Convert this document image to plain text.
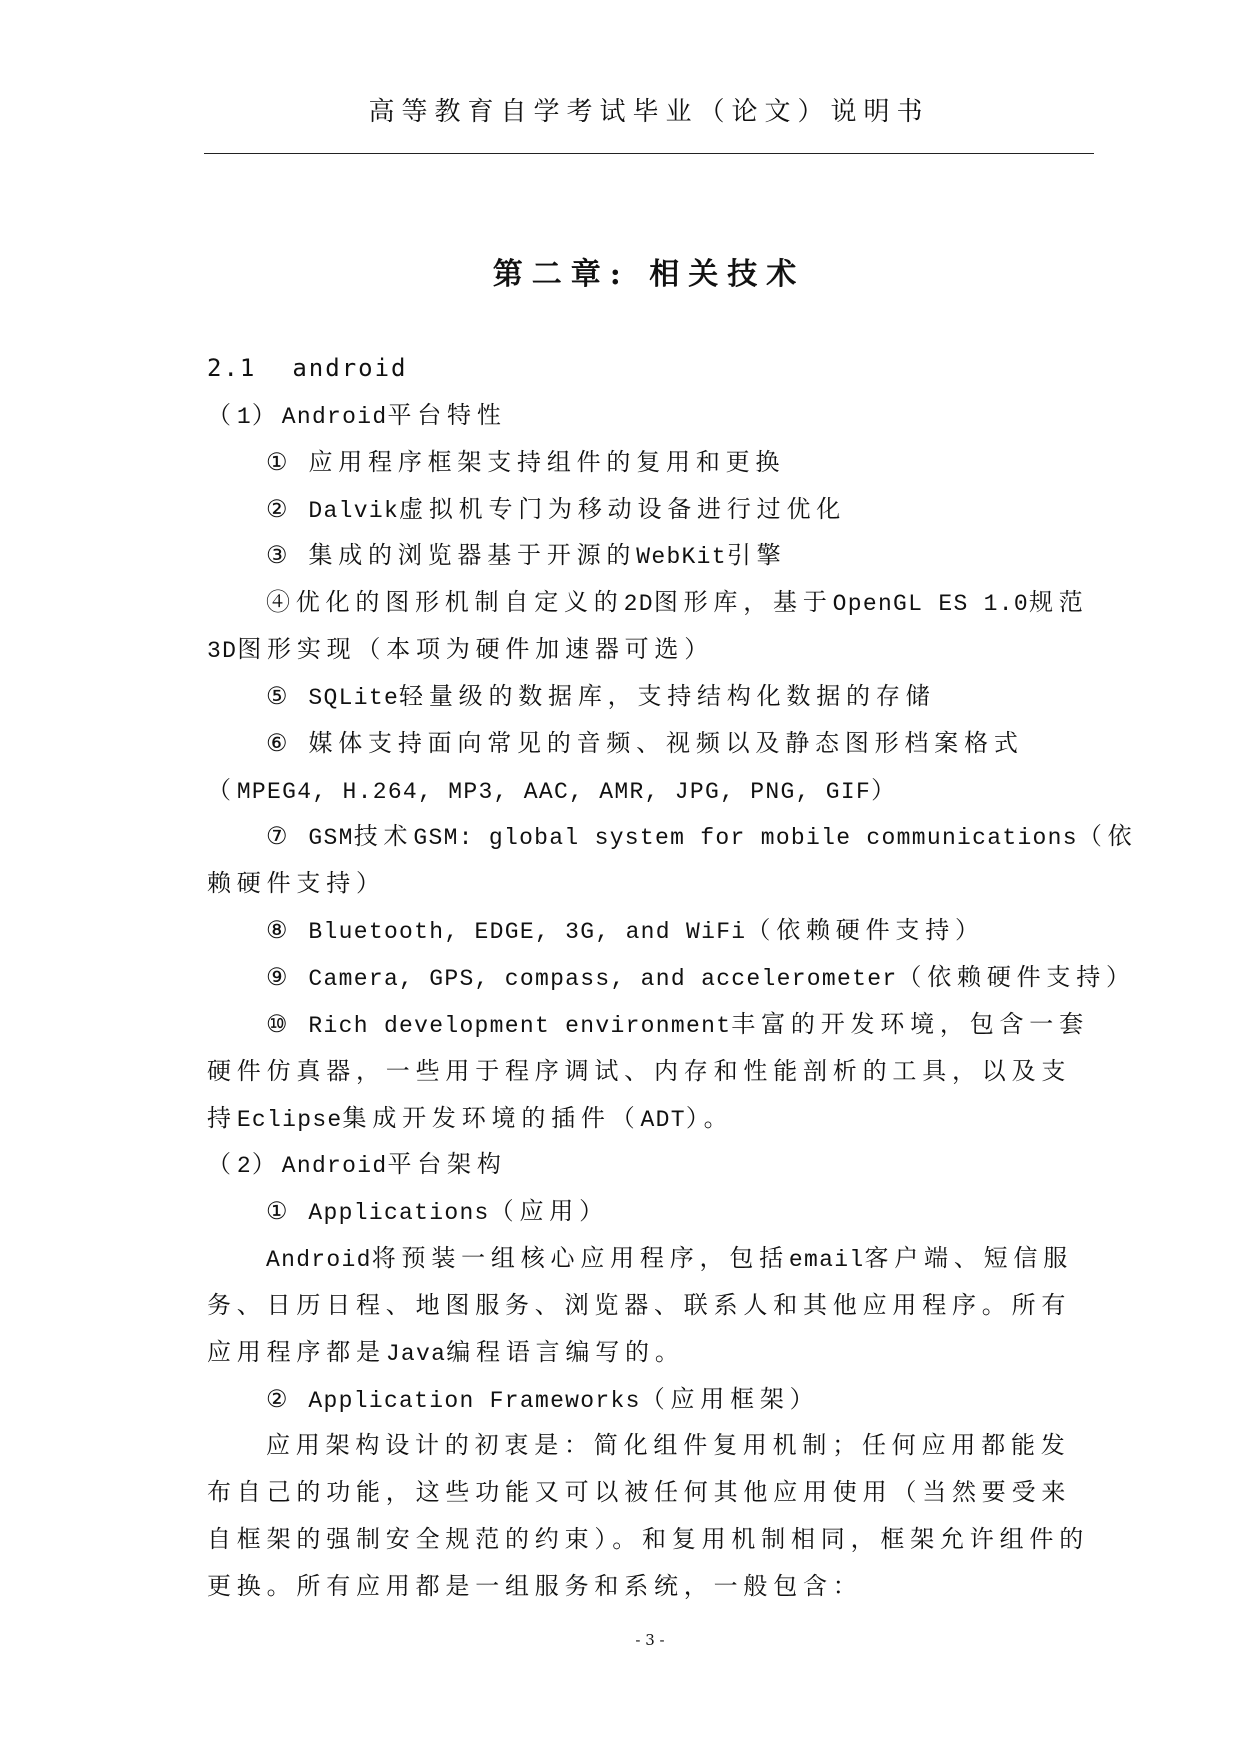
高等教育自学考试毕业（论文）说明书
第二章: 相关技术
2.1 android
（1）Android平台特性
① 应用程序框架支持组件的复用和更换
② Dalvik虚拟机专门为移动设备进行过优化
③ 集成的浏览器基于开源的WebKit引擎
④优化的图形机制自定义的2D图形库，基于OpenGL ES 1.0规范
3D图形实现（本项为硬件加速器可选）
⑤ SQLite轻量级的数据库，支持结构化数据的存储
⑥ 媒体支持面向常见的音频、视频以及静态图形档案格式
（MPEG4, H.264, MP3, AAC, AMR, JPG, PNG, GIF）
⑦ GSM技术GSM: global system for mobile communications（依
赖硬件支持）
⑧ Bluetooth, EDGE, 3G, and WiFi（依赖硬件支持）
⑨ Camera, GPS, compass, and accelerometer（依赖硬件支持）
⑩ Rich development environment丰富的开发环境，包含一套
硬件仿真器，一些用于程序调试、内存和性能剖析的工具，以及支
持Eclipse集成开发环境的插件（ADT）。
（2）Android平台架构
① Applications（应用）
Android将预装一组核心应用程序，包括email客户端、短信服
务、日历日程、地图服务、浏览器、联系人和其他应用程序。所有
应用程序都是Java编程语言编写的。
② Application Frameworks（应用框架）
应用架构设计的初衷是：简化组件复用机制；任何应用都能发
布自己的功能，这些功能又可以被任何其他应用使用（当然要受来
自框架的强制安全规范的约束）。和复用机制相同，框架允许组件的
更换。所有应用都是一组服务和系统，一般包含：
- 3 -
